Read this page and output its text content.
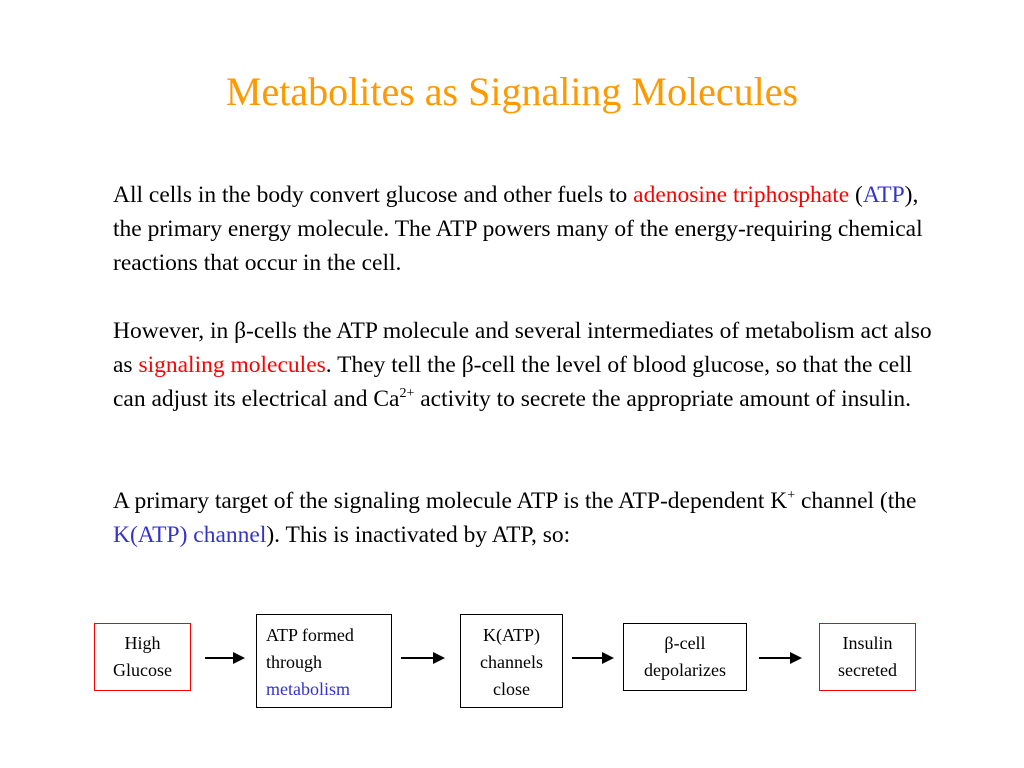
Metabolites as Signaling Molecules
All cells in the body convert glucose and other fuels to adenosine triphosphate (ATP), the primary energy molecule. The ATP powers many of the energy-requiring chemical reactions that occur in the cell.
However, in β-cells the ATP molecule and several intermediates of metabolism act also as signaling molecules. They tell the β-cell the level of blood glucose, so that the cell can adjust its electrical and $Ca^{2+}$ activity to secrete the appropriate amount of insulin.
A primary target of the signaling molecule ATP is the ATP-dependent K+ channel (the K(ATP) channel). This is inactivated by ATP, so:
High
Glucose
ATP formed
through
metabolism
K(ATP)
channels
close
β-cell
depolarizes
Insulin
secreted
